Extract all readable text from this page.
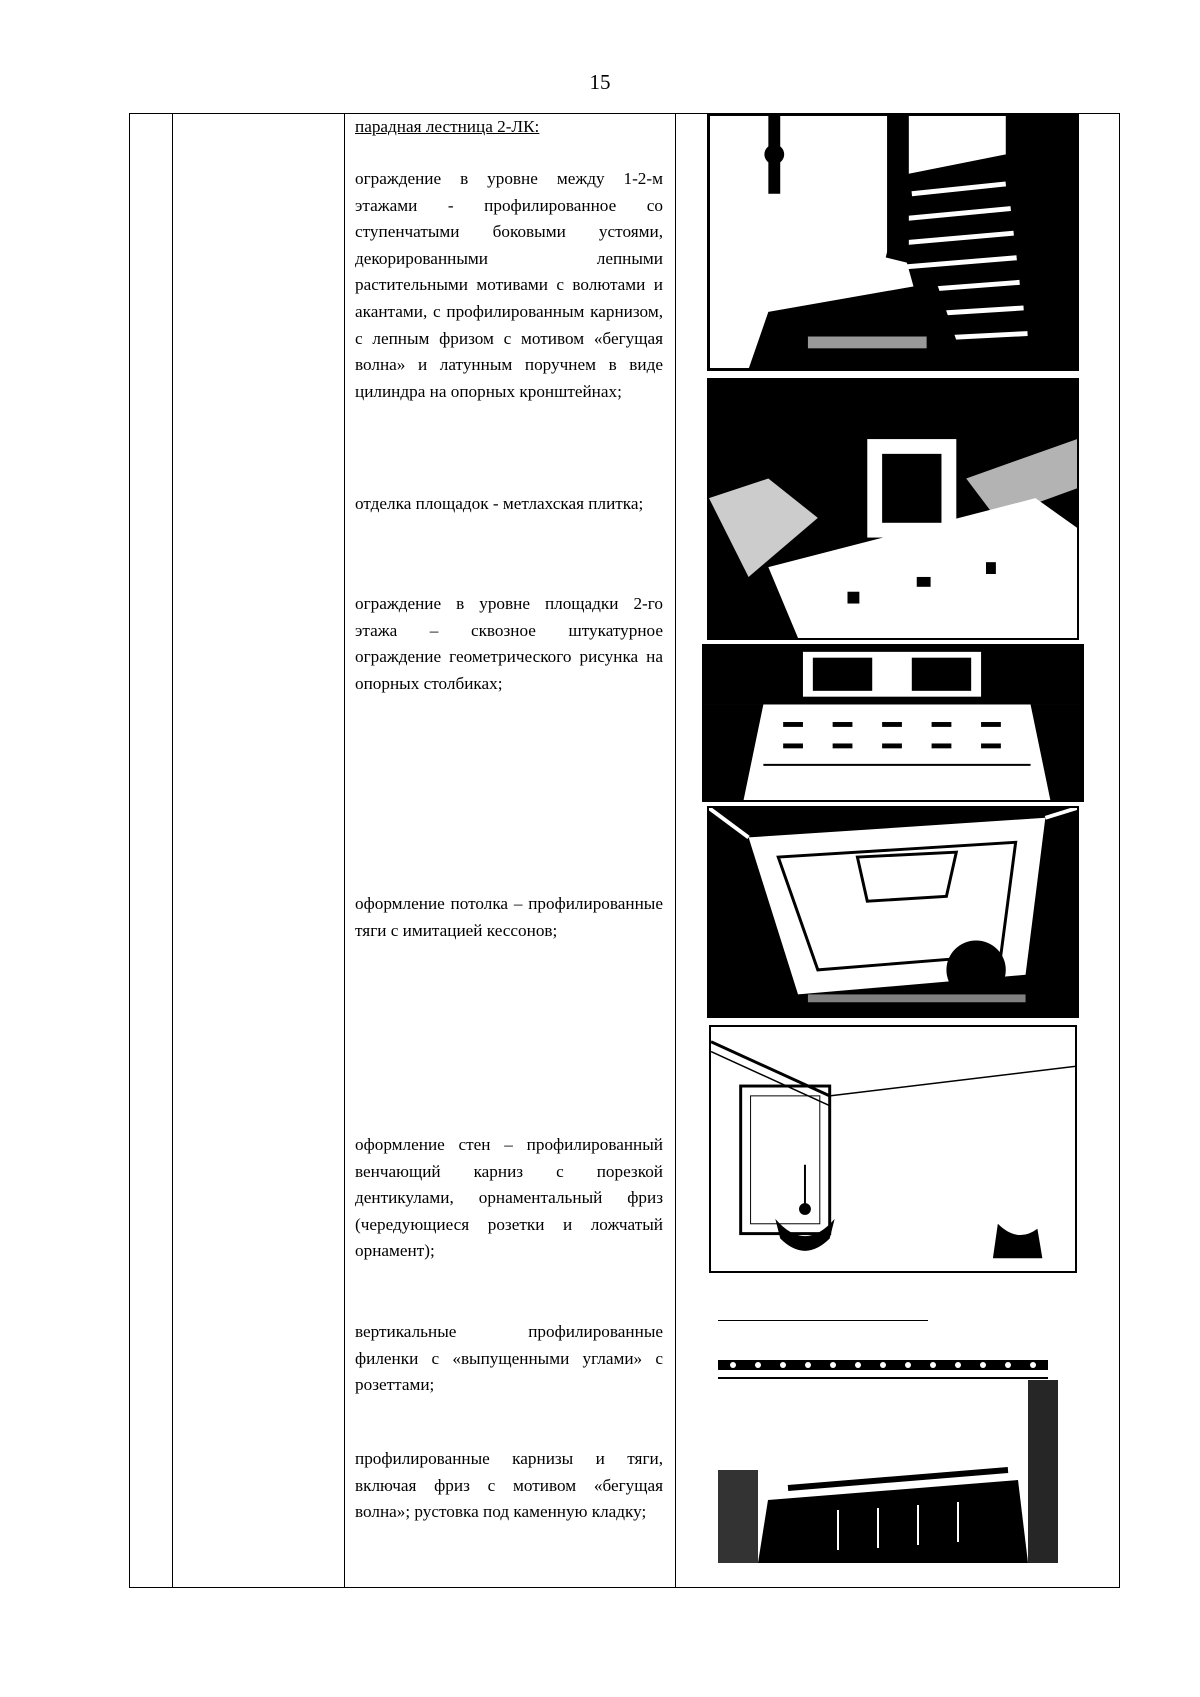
15
парадная лестница 2-ЛК:
ограждение в уровне между 1-2-м этажами - профилированное со ступенчатыми боковыми устоями, декорированными лепными растительными мотивами с волютами и акантами, с профилированным карнизом, с лепным фризом с мотивом «бегущая волна» и латунным поручнем в виде цилиндра на опорных кронштейнах;
отделка площадок - метлахская плитка;
ограждение в уровне площадки 2-го этажа – сквозное штукатурное ограждение геометрического рисунка на опорных столбиках;
оформление потолка – профилированные тяги с имитацией кессонов;
оформление стен – профилированный венчающий карниз с порезкой дентикулами, орнаментальный фриз (чередующиеся розетки и ложчатый орнамент);
вертикальные профилированные филенки с «выпущенными углами» с розеттами;
профилированные карнизы и тяги, включая фриз с мотивом «бегущая волна»; рустовка под каменную кладку;
